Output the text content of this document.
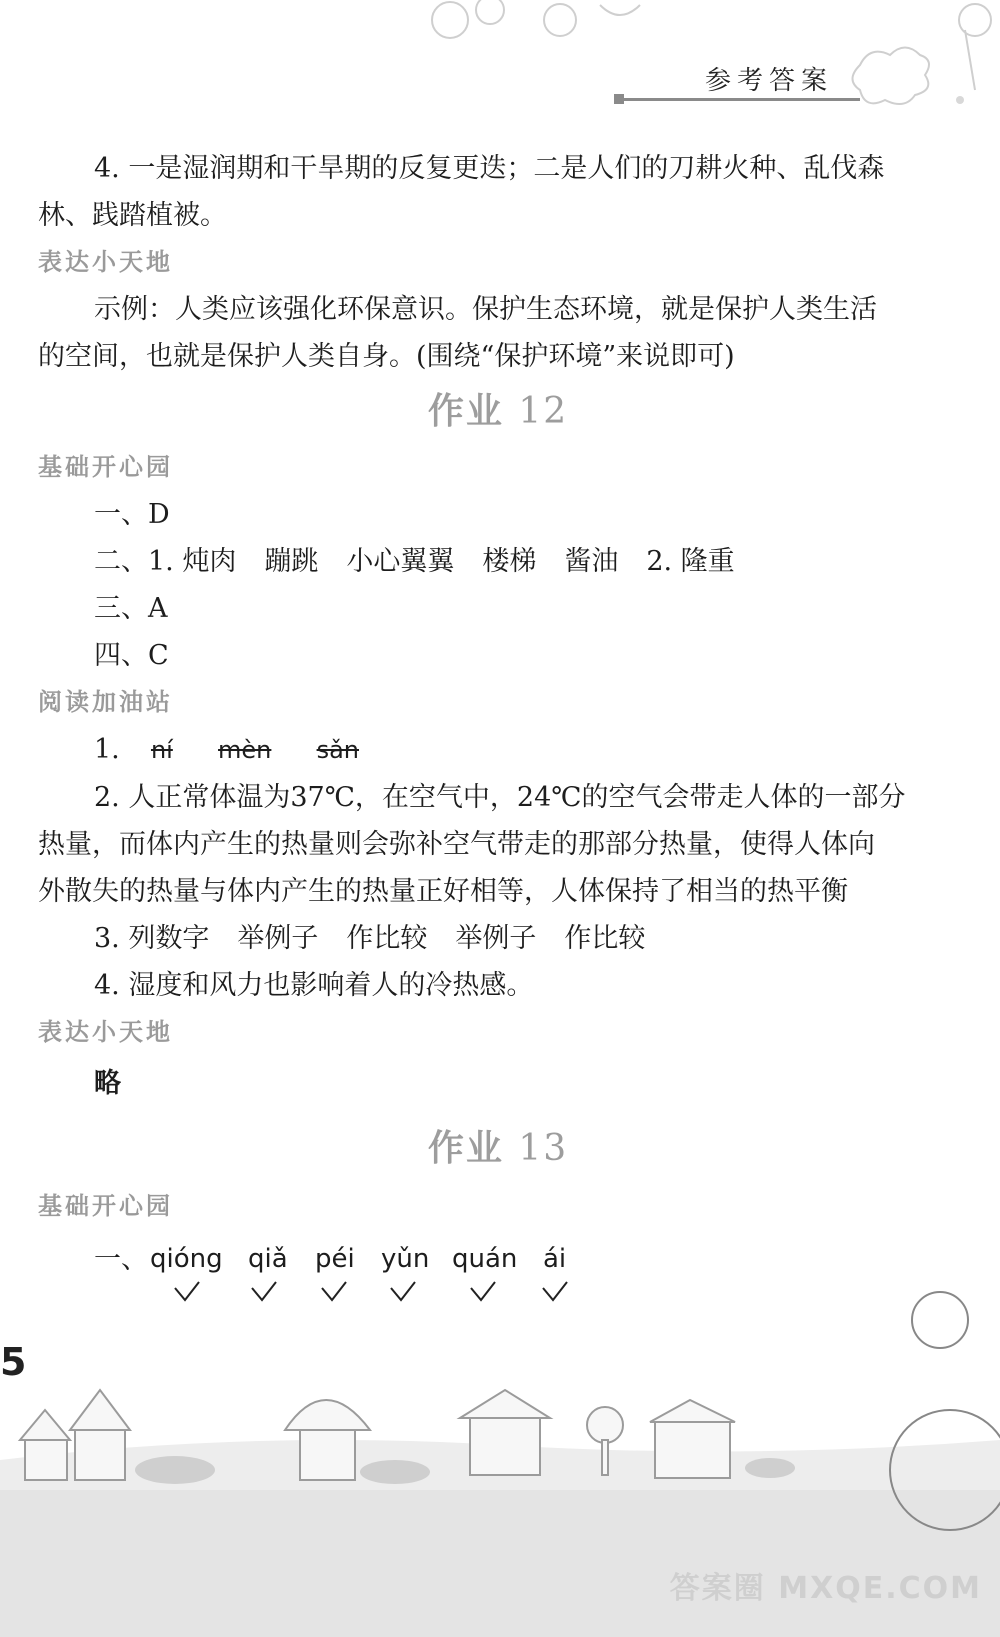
参考答案

4. 一是湿润期和干旱期的反复更迭；二是人们的刀耕火种、乱伐森

林、践踏植被。

表达小天地

示例：人类应该强化环保意识。保护生态环境，就是保护人类生活

的空间，也就是保护人类自身。(围绕“保护环境”来说即可)

作业 12
基础开心园

一、D

二、1. 炖肉 蹦跳 小心翼翼 楼梯 酱油 2. 隆重

三、A

四、C

阅读加油站

1. ní mèn sǎn

2. 人正常体温为37℃，在空气中，24℃的空气会带走人体的一部分

热量，而体内产生的热量则会弥补空气带走的那部分热量，使得人体向

外散失的热量与体内产生的热量正好相等，人体保持了相当的热平衡

3. 列数字 举例子 作比较 举例子 作比较

4. 湿度和风力也影响着人的冷热感。

表达小天地

略

作业 13
基础开心园
一、 qióng qiǎ péi yǔn quán ái
5
答案圈 MXQE.COM
